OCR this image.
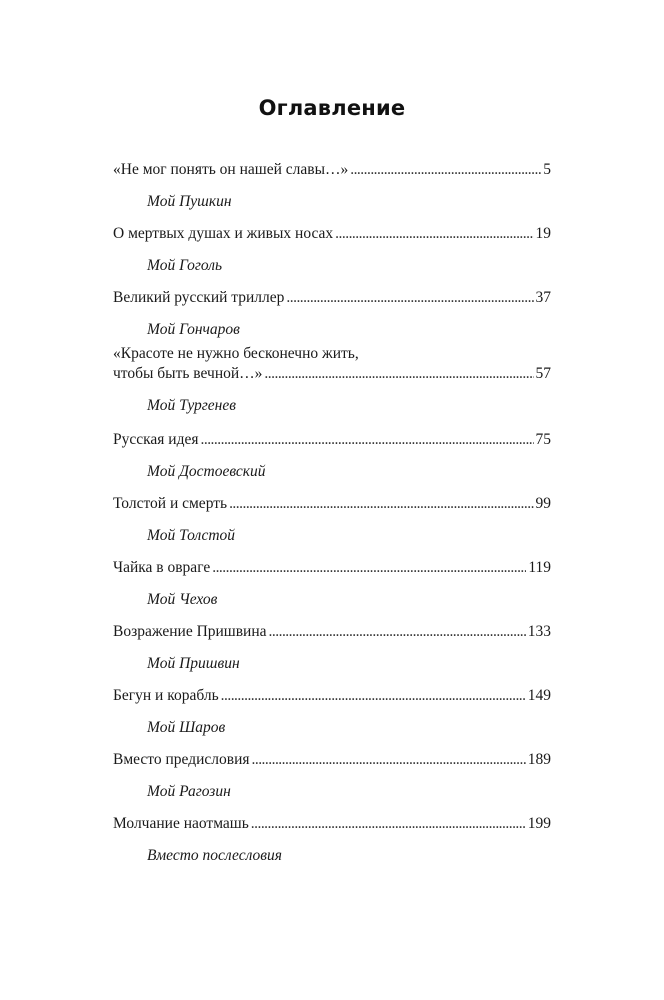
Оглавление
«Не мог понять он нашей славы…» . . .	5
Мой Пушкин
О мертвых душах и живых носах . . .	19
Мой Гоголь
Великий русский триллер . . .	37
Мой Гончаров
«Красоте не нужно бесконечно жить,
чтобы быть вечной…» . . .	57
Мой Тургенев
Русская идея . . .	75
Мой Достоевский
Толстой и смерть . . .	99
Мой Толстой
Чайка в овраге . . .	119
Мой Чехов
Возражение Пришвина . . .	133
Мой Пришвин
Бегун и корабль . . .	149
Мой Шаров
Вместо предисловия . . .	189
Мой Рагозин
Молчание наотмашь . . .	199
Вместо послесловия
